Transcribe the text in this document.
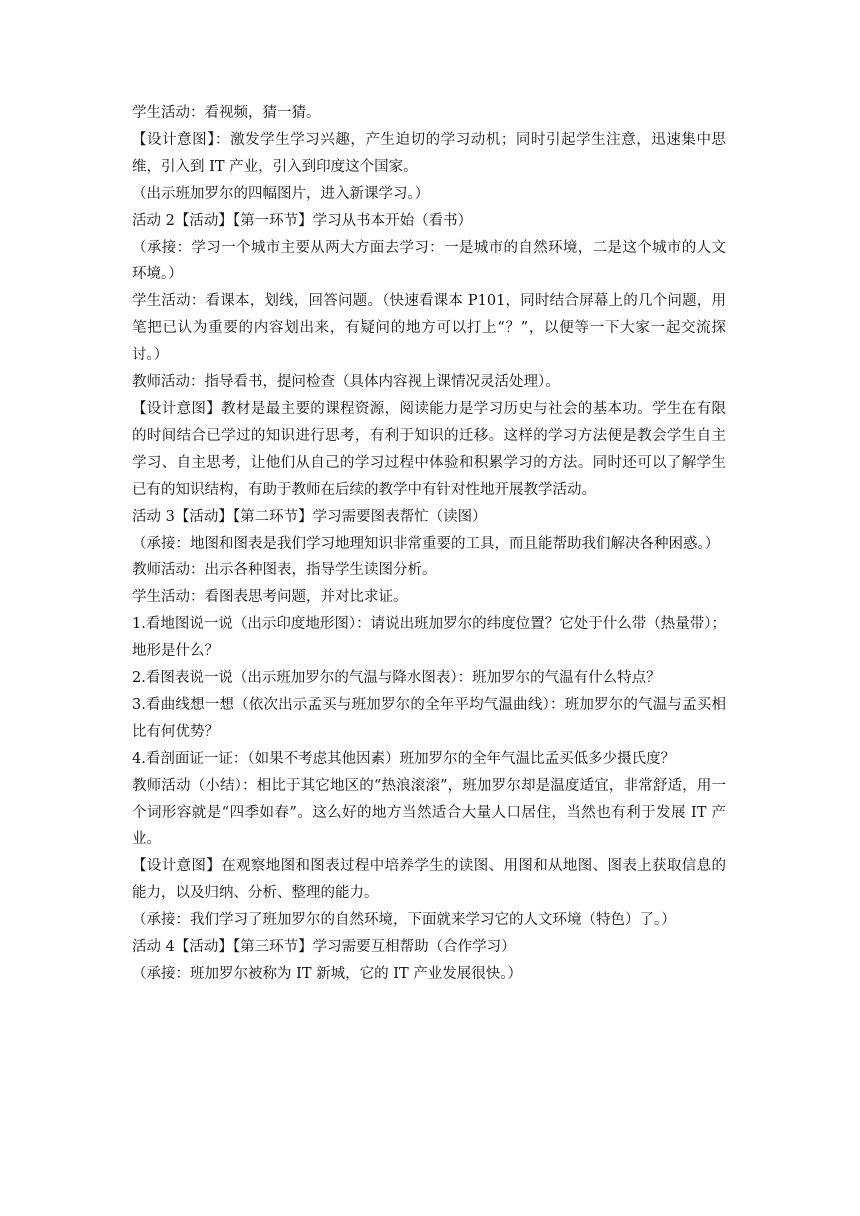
学生活动：看视频，猜一猜。

【设计意图】：激发学生学习兴趣，产生迫切的学习动机；同时引起学生注意，迅速集中思维，引入到 IT 产业，引入到印度这个国家。

（出示班加罗尔的四幅图片，进入新课学习。）

活动 2【活动】【第一环节】学习从书本开始（看书）

（承接：学习一个城市主要从两大方面去学习：一是城市的自然环境，二是这个城市的人文环境。）

学生活动：看课本，划线，回答问题。（快速看课本 P101，同时结合屏幕上的几个问题，用笔把已认为重要的内容划出来，有疑问的地方可以打上“？”，以便等一下大家一起交流探讨。）

教师活动：指导看书，提问检查（具体内容视上课情况灵活处理）。

【设计意图】教材是最主要的课程资源，阅读能力是学习历史与社会的基本功。学生在有限的时间结合已学过的知识进行思考，有利于知识的迁移。这样的学习方法便是教会学生自主学习、自主思考，让他们从自己的学习过程中体验和积累学习的方法。同时还可以了解学生已有的知识结构，有助于教师在后续的教学中有针对性地开展教学活动。

活动 3【活动】【第二环节】学习需要图表帮忙（读图）

（承接：地图和图表是我们学习地理知识非常重要的工具，而且能帮助我们解决各种困惑。）

教师活动：出示各种图表，指导学生读图分析。

学生活动：看图表思考问题，并对比求证。

1.看地图说一说（出示印度地形图）：请说出班加罗尔的纬度位置？它处于什么带（热量带）；地形是什么？

2.看图表说一说（出示班加罗尔的气温与降水图表）：班加罗尔的气温有什么特点？

3.看曲线想一想（依次出示孟买与班加罗尔的全年平均气温曲线）：班加罗尔的气温与孟买相比有何优势？

4.看剖面证一证：（如果不考虑其他因素）班加罗尔的全年气温比孟买低多少摄氏度？

教师活动（小结）：相比于其它地区的“热浪滚滚”，班加罗尔却是温度适宜，非常舒适，用一个词形容就是“四季如春”。这么好的地方当然适合大量人口居住，当然也有利于发展 IT 产业。

【设计意图】在观察地图和图表过程中培养学生的读图、用图和从地图、图表上获取信息的能力，以及归纳、分析、整理的能力。

（承接：我们学习了班加罗尔的自然环境，下面就来学习它的人文环境（特色）了。）

活动 4【活动】【第三环节】学习需要互相帮助（合作学习）

（承接：班加罗尔被称为 IT 新城，它的 IT 产业发展很快。）
